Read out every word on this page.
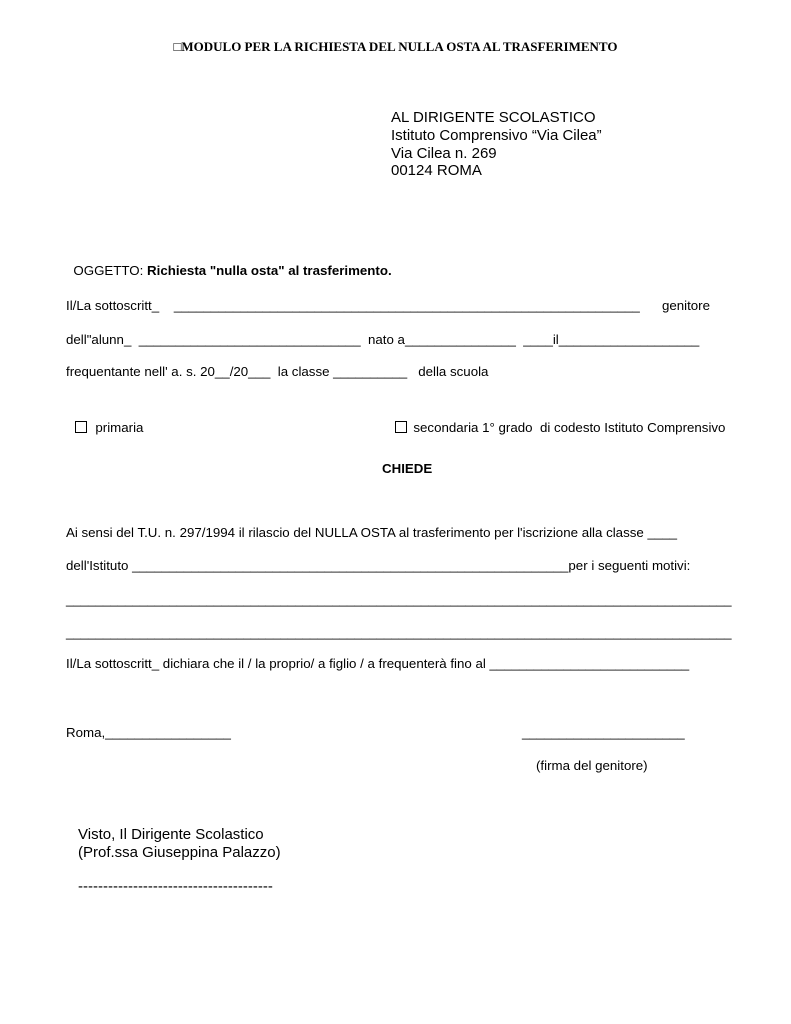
□MODULO PER LA RICHIESTA DEL NULLA OSTA AL TRASFERIMENTO
AL DIRIGENTE SCOLASTICO
Istituto Comprensivo “Via Cilea”
Via Cilea n. 269
00124 ROMA

OGGETTO: Richiesta "nulla osta" al trasferimento.

Il/La sottoscritt_    _______________________________________________________________      genitore
dell"alunn_  ______________________________  nato a_______________  ____il___________________
frequentante nell' a. s. 20__/20___  la classe __________   della scuola

primaria	secondaria 1° grado  di codesto Istituto Comprensivo

CHIEDE
Ai sensi del T.U. n. 297/1994 il rilascio del NULLA OSTA al trasferimento per l'iscrizione alla classe ____
dell'Istituto ___________________________________________________________per i seguenti motivi:
__________________________________________________________________________________________
__________________________________________________________________________________________
Il/La sottoscritt_ dichiara che il / la proprio/ a figlio / a frequenterà fino al ___________________________
Roma,_________________	______________________
(firma del genitore)
Visto, Il Dirigente Scolastico
(Prof.ssa Giuseppina Palazzo)
---------------------------------------
